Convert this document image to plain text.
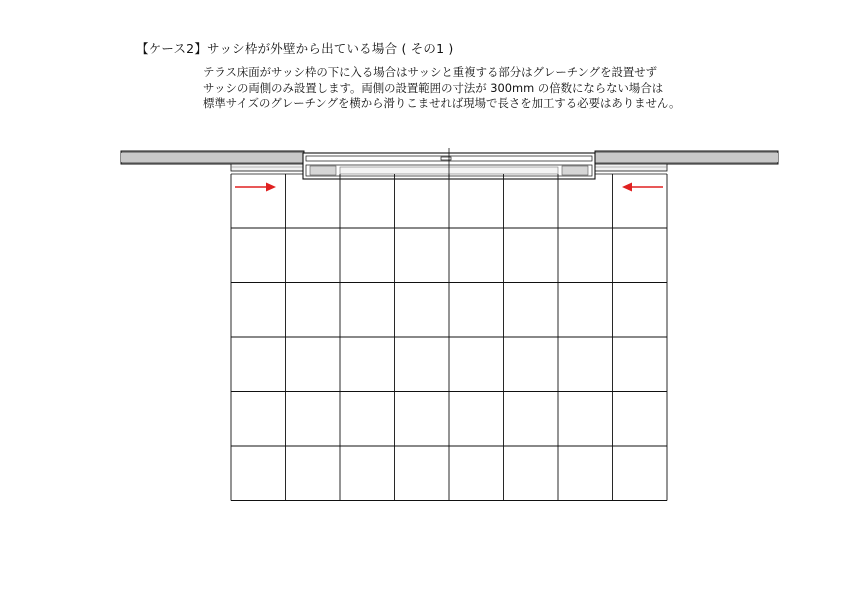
【ケース2】サッシ枠が外壁から出ている場合 ( その1 )
テラス床面がサッシ枠の下に入る場合はサッシと重複する部分はグレーチングを設置せず
サッシの両側のみ設置します。両側の設置範囲の寸法が 300mm の倍数にならない場合は
標準サイズのグレーチングを横から滑りこませれば現場で長さを加工する必要はありません。
